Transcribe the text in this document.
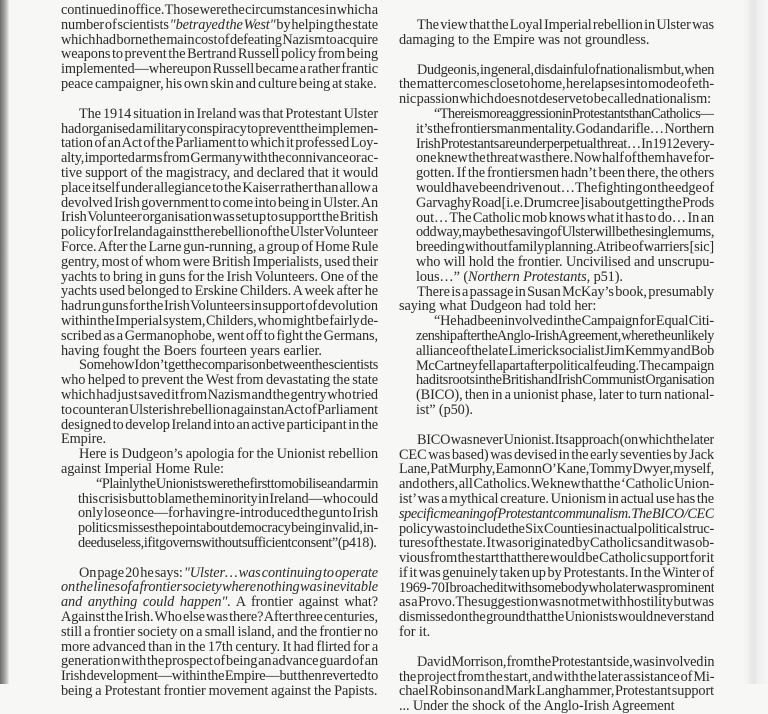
continued in office. Those were the circumstances in which a
number of scientists "betrayed the West" by helping the state
which had borne the main cost of defeating Nazism to acquire
weapons to prevent the Bertrand Russell policy from being
implemented—whereupon Russell became a rather frantic
peace campaigner, his own skin and culture being at stake.
The 1914 situation in Ireland was that Protestant Ulster
had organised a military conspiracy to prevent the implemen-
tation of an Act of the Parliament to which it professed Loy-
alty, imported arms from Germany with the connivance or ac-
tive support of the magistracy, and declared that it would
place itself under allegiance to the Kaiser rather than allow a
devolved Irish government to come into being in Ulster. An
Irish Volunteer organisation was set up to support the British
policy for Ireland against the rebellion of the Ulster Volunteer
Force. After the Larne gun-running, a group of Home Rule
gentry, most of whom were British Imperialists, used their
yachts to bring in guns for the Irish Volunteers. One of the
yachts used belonged to Erskine Childers. A week after he
had run guns for the Irish Volunteers in support of devolution
within the Imperial system, Childers, who might be fairly de-
scribed as a Germanophobe, went off to fight the Germans,
having fought the Boers fourteen years earlier.
Somehow I don’t get the comparison between the scientists
who helped to prevent the West from devastating the state
which had just saved it from Nazism and the gentry who tried
to counter an Ulsterish rebellion against an Act of Parliament
designed to develop Ireland into an active participant in the
Empire.
Here is Dudgeon’s apologia for the Unionist rebellion
against Imperial Home Rule:
“Plainly the Unionists were the first to mobilise and arm in
this crisis but to blame the minority in Ireland—who could
only lose once—for having re-introduced the gun to Irish
politics misses the point about democracy being invalid, in-
deed useless, if it governs without sufficient consent” (p418).
On page 20 he says: "Ulster… was continuing to operate
on the lines of a frontier society where nothing was inevitable
and anything could happen". A frontier against what?
Against the Irish. Who else was there? After three centuries,
still a frontier society on a small island, and the frontier no
more advanced than in the 17th century. It had flirted for a
generation with the prospect of being an advance guard of an
Irish development—within the Empire—but then reverted to
being a Protestant frontier movement against the Papists.
The view that the Loyal Imperial rebellion in Ulster was
damaging to the Empire was not groundless.
Dudgeon is, in general, disdainful of nationalism but, when
the matter comes close to home, he relapses into mode of eth-
nic passion which does not deserve to be called nationalism:
“There is more aggression in Protestants than Catholics—
it’s the frontiersman mentality. God and a rifle… Northern
Irish Protestants are under perpetual threat… In 1912 every-
one knew the threat was there. Now half of them have for-
gotten. If the frontiersmen hadn’t been there, the others
would have been driven out… The fighting on the edge of
Garvaghy Road [i.e. Drumcree] is about getting the Prods
out… The Catholic mob knows what it has to do… In an
odd way, maybe the saving of Ulster will be the single mums,
breeding without family planning. A tribe of warriers [sic]
who will hold the frontier. Uncivilised and unscrupu-
lous…” (Northern Protestants, p51).
There is a passage in Susan McKay’s book, presumably
saying what Dudgeon had told her:
“He had been involved in the Campaign for Equal Citi-
zenship after the Anglo-Irish Agreement, where the unlikely
alliance of the late Limerick socialist Jim Kemmy and Bob
McCartney fell apart after political feuding. The campaign
had its roots in the British and Irish Communist Organisation
(BICO), then in a unionist phase, later to turn national-
ist” (p50).
BICO was never Unionist. Its approach (on which the later
CEC was based) was devised in the early seventies by Jack
Lane, Pat Murphy, Eamonn O’Kane, Tommy Dwyer, myself,
and others, all Catholics. We knew that the ‘Catholic Union-
ist’ was a mythical creature. Unionism in actual use has the
specific meaning of Protestant communalism. The BICO/CEC
policy was to include the Six Counties in actual political struc-
tures of the state. It was originated by Catholics and it was ob-
vious from the start that there would be Catholic support for it
if it was genuinely taken up by Protestants. In the Winter of
1969-70 I broached it with somebody who later was prominent
as a Provo. The suggestion was not met with hostility but was
dismissed on the ground that the Unionists would never stand
for it.
David Morrison, from the Protestant side, was involved in
the project from the start, and with the later assistance of Mi-
chael Robinson and Mark Langhammer, Protestant support
... Under the shock of the Anglo-Irish Agreement
